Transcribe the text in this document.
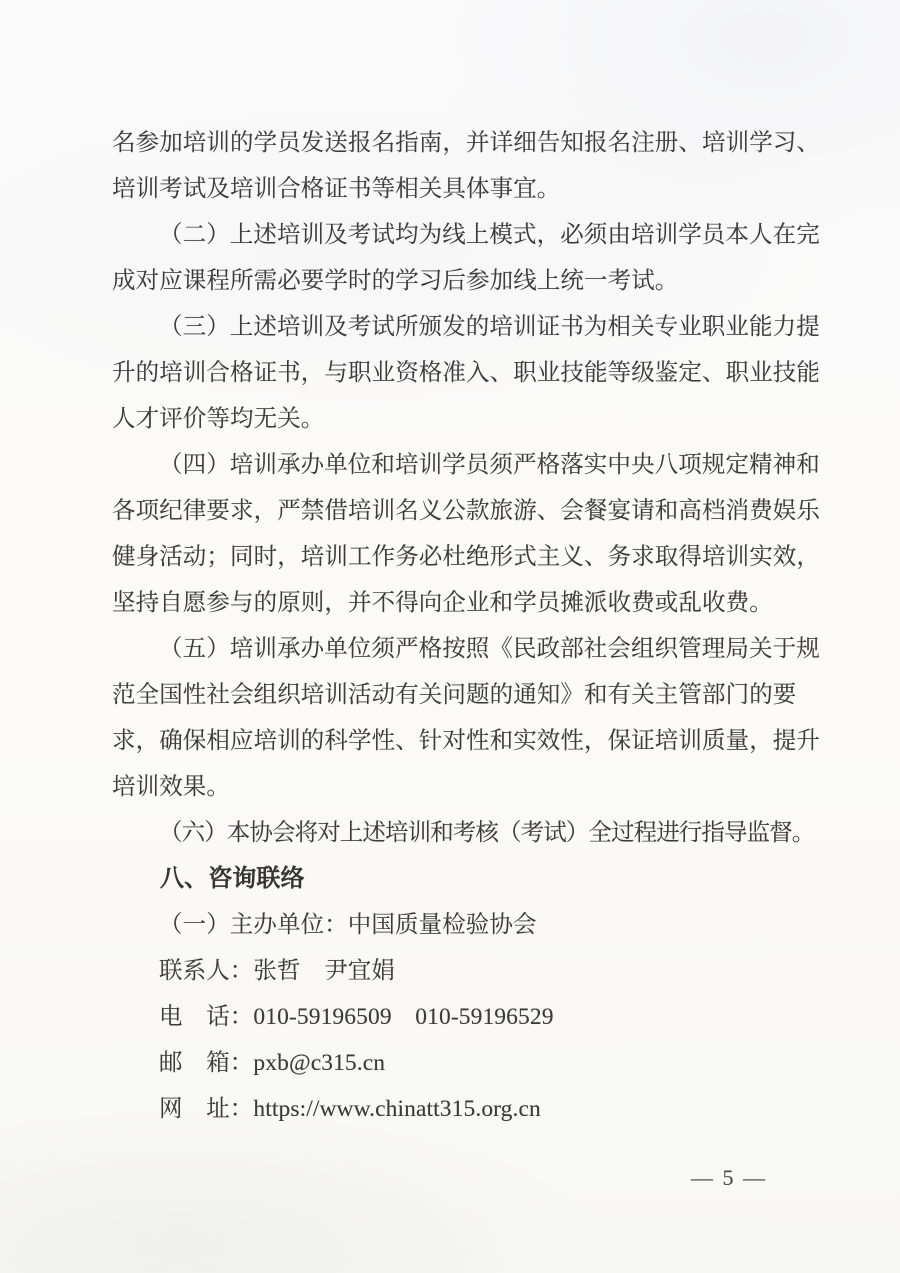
名参加培训的学员发送报名指南，并详细告知报名注册、培训学习、
培训考试及培训合格证书等相关具体事宜。
（二）上述培训及考试均为线上模式，必须由培训学员本人在完
成对应课程所需必要学时的学习后参加线上统一考试。
（三）上述培训及考试所颁发的培训证书为相关专业职业能力提
升的培训合格证书，与职业资格准入、职业技能等级鉴定、职业技能
人才评价等均无关。
（四）培训承办单位和培训学员须严格落实中央八项规定精神和
各项纪律要求，严禁借培训名义公款旅游、会餐宴请和高档消费娱乐
健身活动；同时，培训工作务必杜绝形式主义、务求取得培训实效，
坚持自愿参与的原则，并不得向企业和学员摊派收费或乱收费。
（五）培训承办单位须严格按照《民政部社会组织管理局关于规
范全国性社会组织培训活动有关问题的通知》和有关主管部门的要
求，确保相应培训的科学性、针对性和实效性，保证培训质量，提升
培训效果。
（六）本协会将对上述培训和考核（考试）全过程进行指导监督。
八、咨询联络
（一）主办单位：中国质量检验协会
联系人：张哲　尹宜娟
电　话：010-59196509　010-59196529
邮　箱：pxb@c315.cn
网　址：https://www.chinatt315.org.cn
— 5 —
